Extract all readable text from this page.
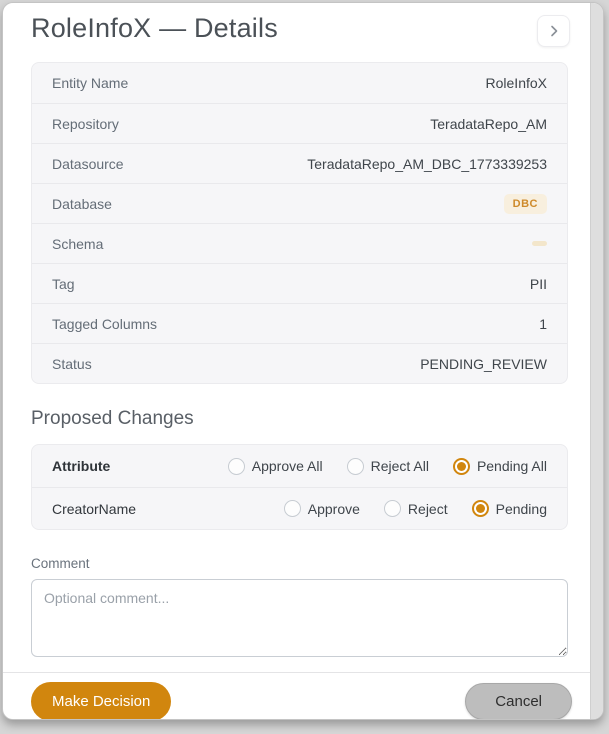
RoleInfoX — Details
Entity Name	RoleInfoX
Repository	TeradataRepo_AM
Datasource	TeradataRepo_AM_DBC_1773339253
Database	DBC
Schema
Tag	PII
Tagged Columns	1
Status	PENDING_REVIEW
Proposed Changes
Attribute	Approve All	Reject All	Pending All
CreatorName	Approve	Reject	Pending
Comment
Optional comment...
Make Decision	Cancel
